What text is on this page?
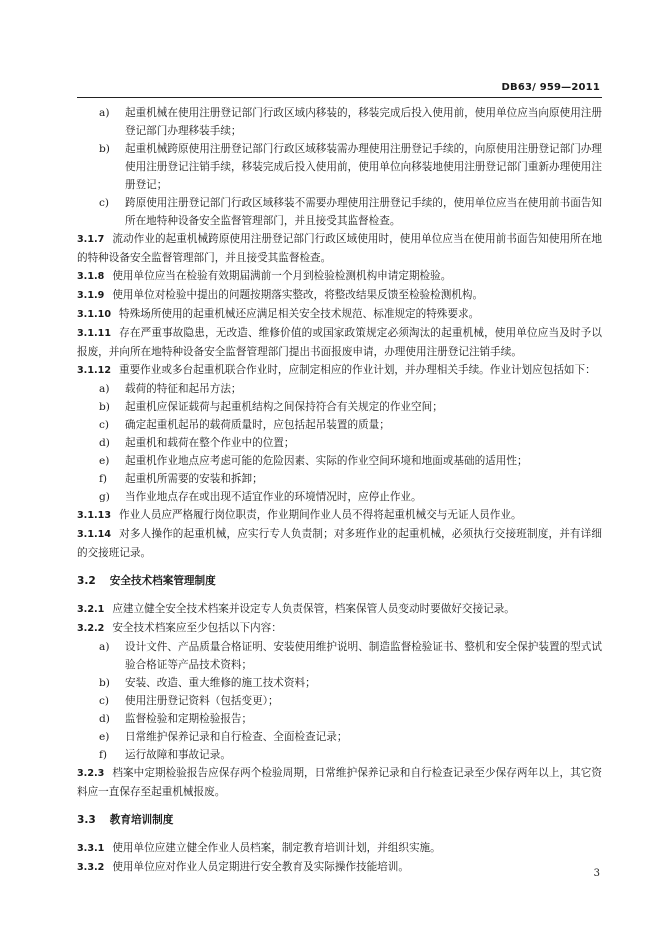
DB63/ 959—2011
a)	起重机械在使用注册登记部门行政区域内移装的，移装完成后投入使用前，使用单位应当向原使用注册登记部门办理移装手续；
b)	起重机械跨原使用注册登记部门行政区域移装需办理使用注册登记手续的，向原使用注册登记部门办理使用注册登记注销手续，移装完成后投入使用前，使用单位向移装地使用注册登记部门重新办理使用注册登记；
c)	跨原使用注册登记部门行政区域移装不需要办理使用注册登记手续的，使用单位应当在使用前书面告知所在地特种设备安全监督管理部门，并且接受其监督检查。

3.1.7 流动作业的起重机械跨原使用注册登记部门行政区域使用时，使用单位应当在使用前书面告知使用所在地的特种设备安全监督管理部门，并且接受其监督检查。

3.1.8 使用单位应当在检验有效期届满前一个月到检验检测机构申请定期检验。

3.1.9 使用单位对检验中提出的问题按期落实整改，将整改结果反馈至检验检测机构。

3.1.10 特殊场所使用的起重机械还应满足相关安全技术规范、标准规定的特殊要求。

3.1.11 存在严重事故隐患，无改造、维修价值的或国家政策规定必须淘汰的起重机械，使用单位应当及时予以报废，并向所在地特种设备安全监督管理部门提出书面报废申请，办理使用注册登记注销手续。

3.1.12 重要作业或多台起重机联合作业时，应制定相应的作业计划，并办理相关手续。作业计划应包括如下：

a)	载荷的特征和起吊方法；
b)	起重机应保证载荷与起重机结构之间保持符合有关规定的作业空间；
c)	确定起重机起吊的载荷质量时，应包括起吊装置的质量；
d)	起重机和载荷在整个作业中的位置；
e)	起重机作业地点应考虑可能的危险因素、实际的作业空间环境和地面或基础的适用性；
f)	起重机所需要的安装和拆卸；
g)	当作业地点存在或出现不适宜作业的环境情况时，应停止作业。

3.1.13 作业人员应严格履行岗位职责，作业期间作业人员不得将起重机械交与无证人员作业。

3.1.14 对多人操作的起重机械，应实行专人负责制；对多班作业的起重机械，必须执行交接班制度，并有详细的交接班记录。

3.2 安全技术档案管理制度

3.2.1 应建立健全安全技术档案并设定专人负责保管，档案保管人员变动时要做好交接记录。

3.2.2 安全技术档案应至少包括以下内容：

a)	设计文件、产品质量合格证明、安装使用维护说明、制造监督检验证书、整机和安全保护装置的型式试验合格证等产品技术资料；
b)	安装、改造、重大维修的施工技术资料；
c)	使用注册登记资料（包括变更）；
d)	监督检验和定期检验报告；
e)	日常维护保养记录和自行检查、全面检查记录；
f)	运行故障和事故记录。

3.2.3 档案中定期检验报告应保存两个检验周期，日常维护保养记录和自行检查记录至少保存两年以上，其它资料应一直保存至起重机械报废。

3.3 教育培训制度

3.3.1 使用单位应建立健全作业人员档案，制定教育培训计划，并组织实施。

3.3.2 使用单位应对作业人员定期进行安全教育及实际操作技能培训。

3
